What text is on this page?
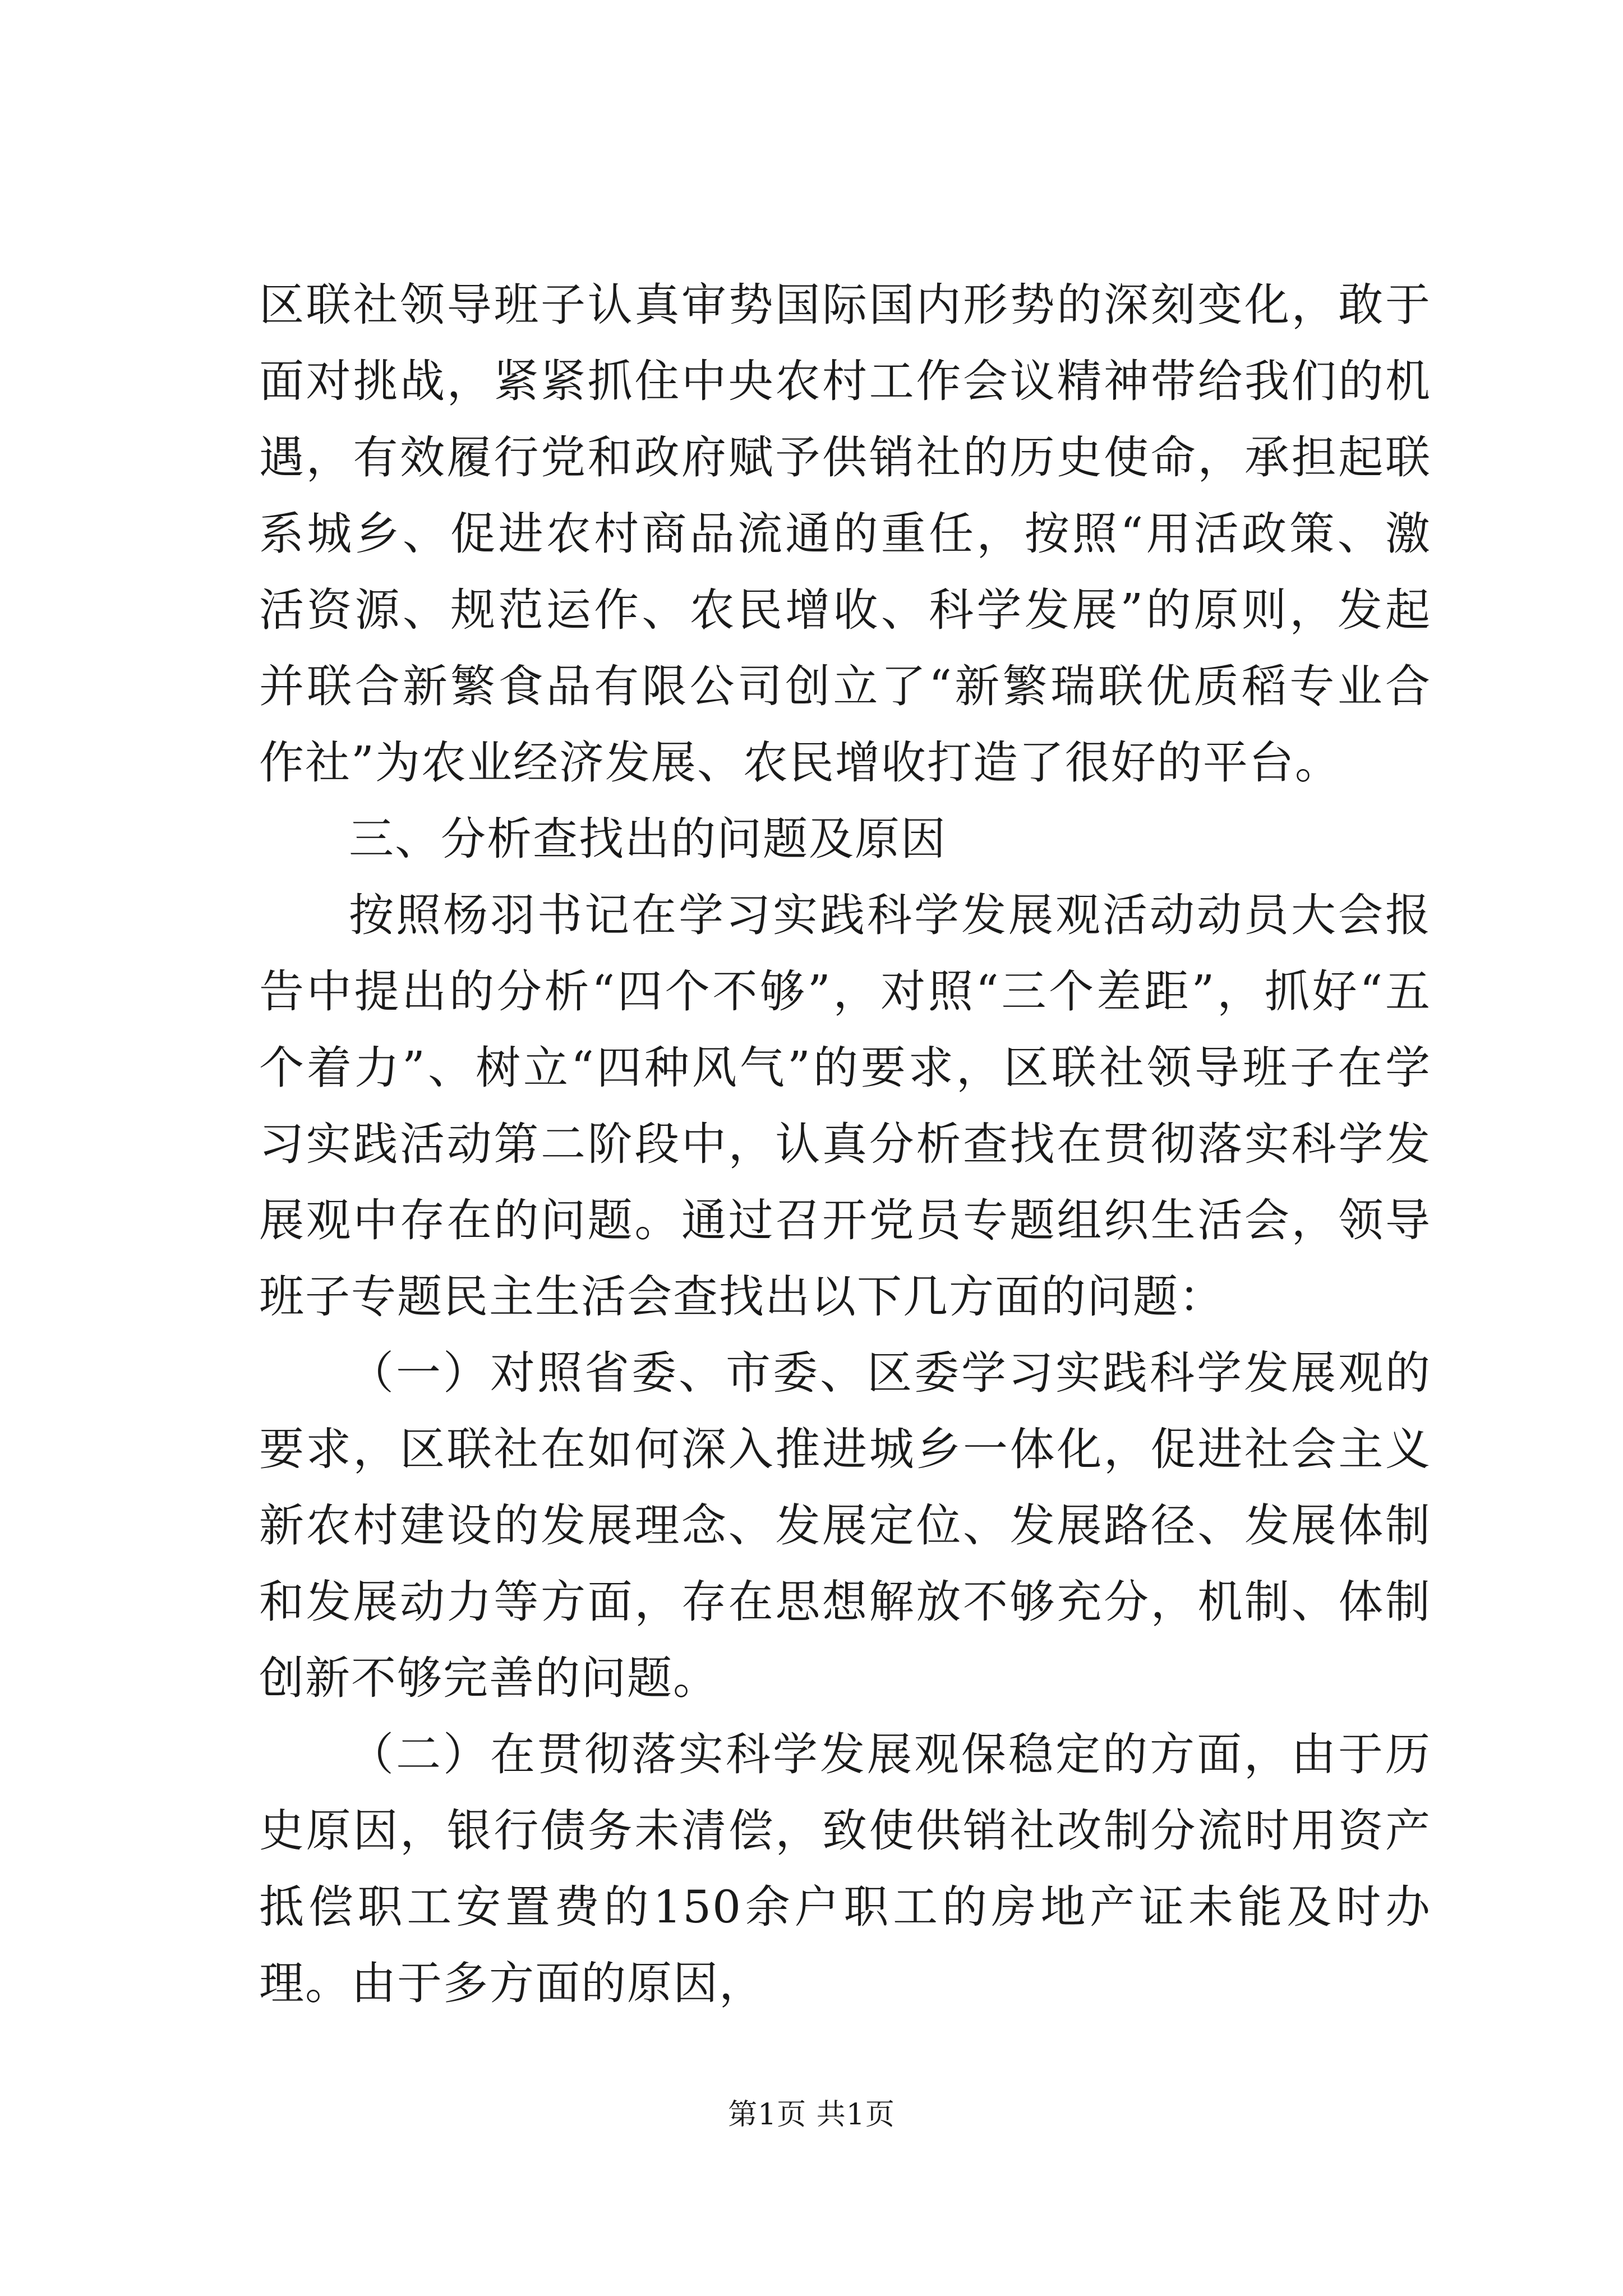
区联社领导班子认真审势国际国内形势的深刻变化，敢于面对挑战，紧紧抓住中央农村工作会议精神带给我们的机遇，有效履行党和政府赋予供销社的历史使命，承担起联系城乡、促进农村商品流通的重任，按照“用活政策、激活资源、规范运作、农民增收、科学发展”的原则，发起并联合新繁食品有限公司创立了“新繁瑞联优质稻专业合作社”为农业经济发展、农民增收打造了很好的平台。

三、分析查找出的问题及原因

按照杨羽书记在学习实践科学发展观活动动员大会报告中提出的分析“四个不够”，对照“三个差距”，抓好“五个着力”、树立“四种风气”的要求，区联社领导班子在学习实践活动第二阶段中，认真分析查找在贯彻落实科学发展观中存在的问题。通过召开党员专题组织生活会，领导班子专题民主生活会查找出以下几方面的问题：

（一）对照省委、市委、区委学习实践科学发展观的要求，区联社在如何深入推进城乡一体化，促进社会主义新农村建设的发展理念、发展定位、发展路径、发展体制和发展动力等方面，存在思想解放不够充分，机制、体制创新不够完善的问题。

（二）在贯彻落实科学发展观保稳定的方面，由于历史原因，银行债务未清偿，致使供销社改制分流时用资产抵偿职工安置费的150余户职工的房地产证未能及时办理。由于多方面的原因，

第1页 共1页
